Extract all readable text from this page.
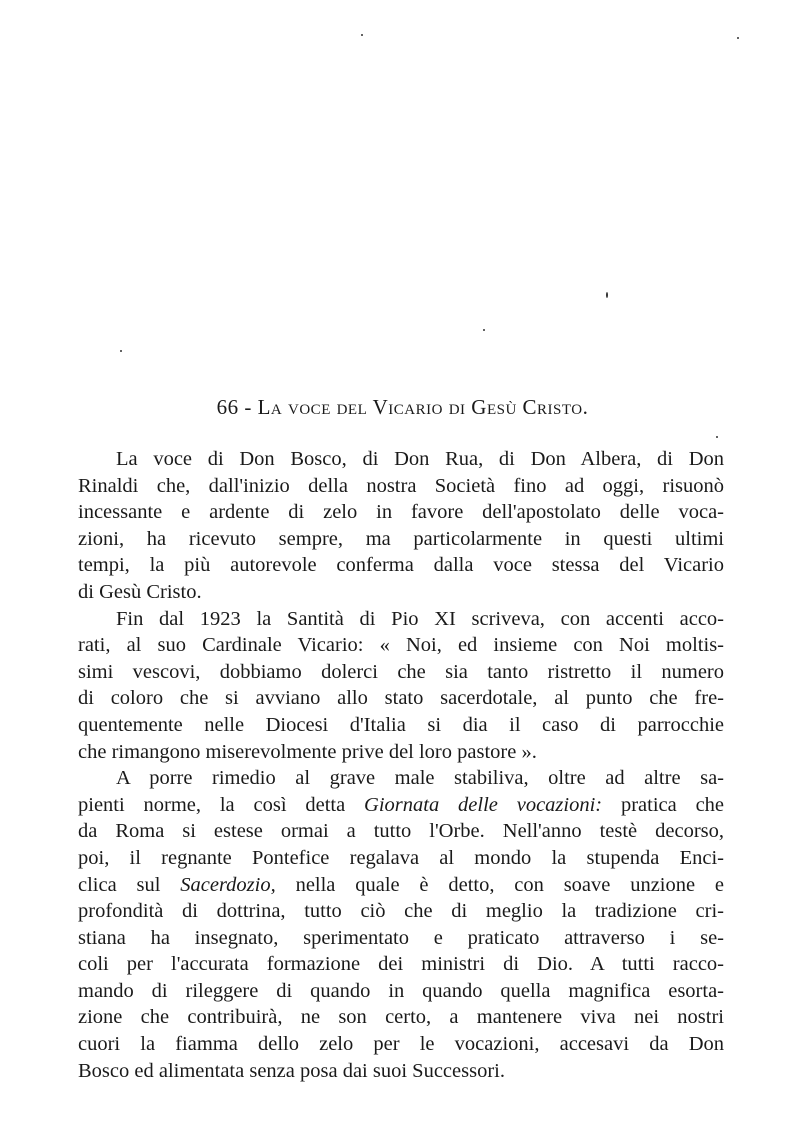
66 - La voce del Vicario di Gesù Cristo.
La voce di Don Bosco, di Don Rua, di Don Albera, di Don
Rinaldi che, dall'inizio della nostra Società fino ad oggi, risuonò
incessante e ardente di zelo in favore dell'apostolato delle voca-
zioni, ha ricevuto sempre, ma particolarmente in questi ultimi
tempi, la più autorevole conferma dalla voce stessa del Vicario
di Gesù Cristo.
Fin dal 1923 la Santità di Pio XI scriveva, con accenti acco-
rati, al suo Cardinale Vicario: « Noi, ed insieme con Noi moltis-
simi vescovi, dobbiamo dolerci che sia tanto ristretto il numero
di coloro che si avviano allo stato sacerdotale, al punto che fre-
quentemente nelle Diocesi d'Italia si dia il caso di parrocchie
che rimangono miserevolmente prive del loro pastore ».
A porre rimedio al grave male stabiliva, oltre ad altre sa-
pienti norme, la così detta Giornata delle vocazioni: pratica che
da Roma si estese ormai a tutto l'Orbe. Nell'anno testè decorso,
poi, il regnante Pontefice regalava al mondo la stupenda Enci-
clica sul Sacerdozio, nella quale è detto, con soave unzione e
profondità di dottrina, tutto ciò che di meglio la tradizione cri-
stiana ha insegnato, sperimentato e praticato attraverso i se-
coli per l'accurata formazione dei ministri di Dio. A tutti racco-
mando di rileggere di quando in quando quella magnifica esorta-
zione che contribuirà, ne son certo, a mantenere viva nei nostri
cuori la fiamma dello zelo per le vocazioni, accesavi da Don
Bosco ed alimentata senza posa dai suoi Successori.
